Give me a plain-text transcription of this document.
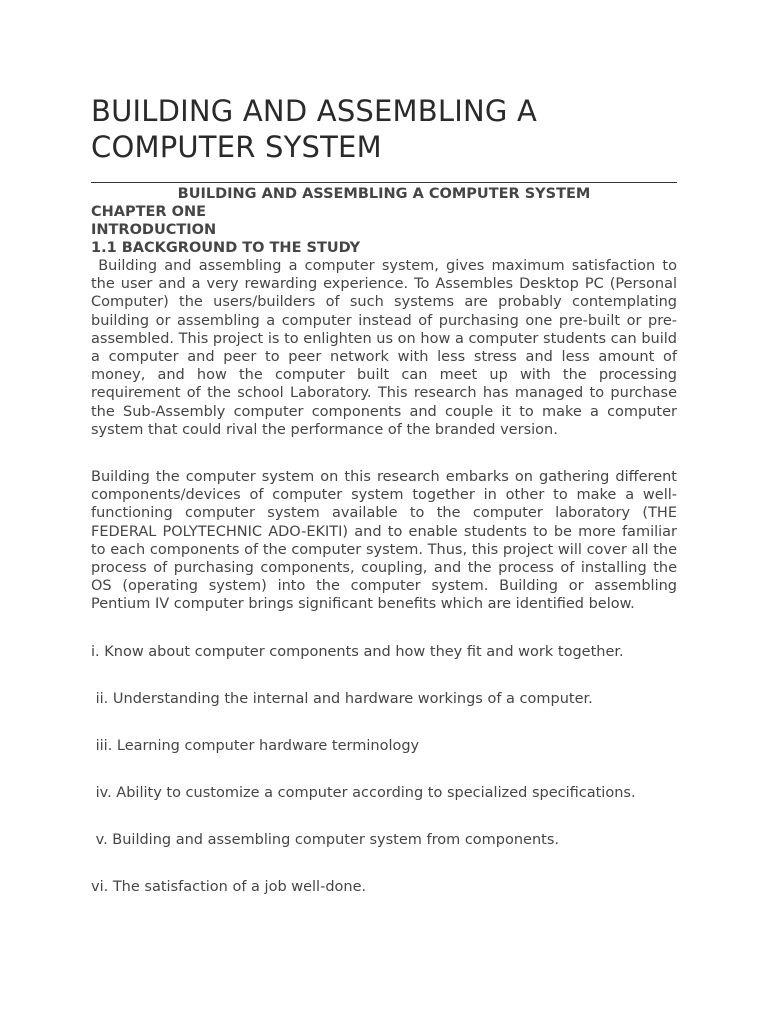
BUILDING AND ASSEMBLING A COMPUTER SYSTEM
BUILDING AND ASSEMBLING A COMPUTER SYSTEM
CHAPTER ONE
INTRODUCTION
1.1 BACKGROUND TO THE STUDY

Building and assembling a computer system, gives maximum satisfaction to the user and a very rewarding experience. To Assembles Desktop PC (Personal Computer) the users/builders of such systems are probably contemplating building or assembling a computer instead of purchasing one pre-built or pre-assembled. This project is to enlighten us on how a computer students can build a computer and peer to peer network with less stress and less amount of money, and how the computer built can meet up with the processing requirement of the school Laboratory. This research has managed to purchase the Sub-Assembly computer components and couple it to make a computer system that could rival the performance of the branded version.

Building the computer system on this research embarks on gathering different components/devices of computer system together in other to make a well-functioning computer system available to the computer laboratory (THE FEDERAL POLYTECHNIC ADO-EKITI) and to enable students to be more familiar to each components of the computer system. Thus, this project will cover all the process of purchasing components, coupling, and the process of installing the OS (operating system) into the computer system. Building or assembling Pentium IV computer brings significant benefits which are identified below.

i. Know about computer components and how they fit and work together.
ii. Understanding the internal and hardware workings of a computer.
iii. Learning computer hardware terminology
iv. Ability to customize a computer according to specialized specifications.
v. Building and assembling computer system from components.
vi. The satisfaction of a job well-done.
